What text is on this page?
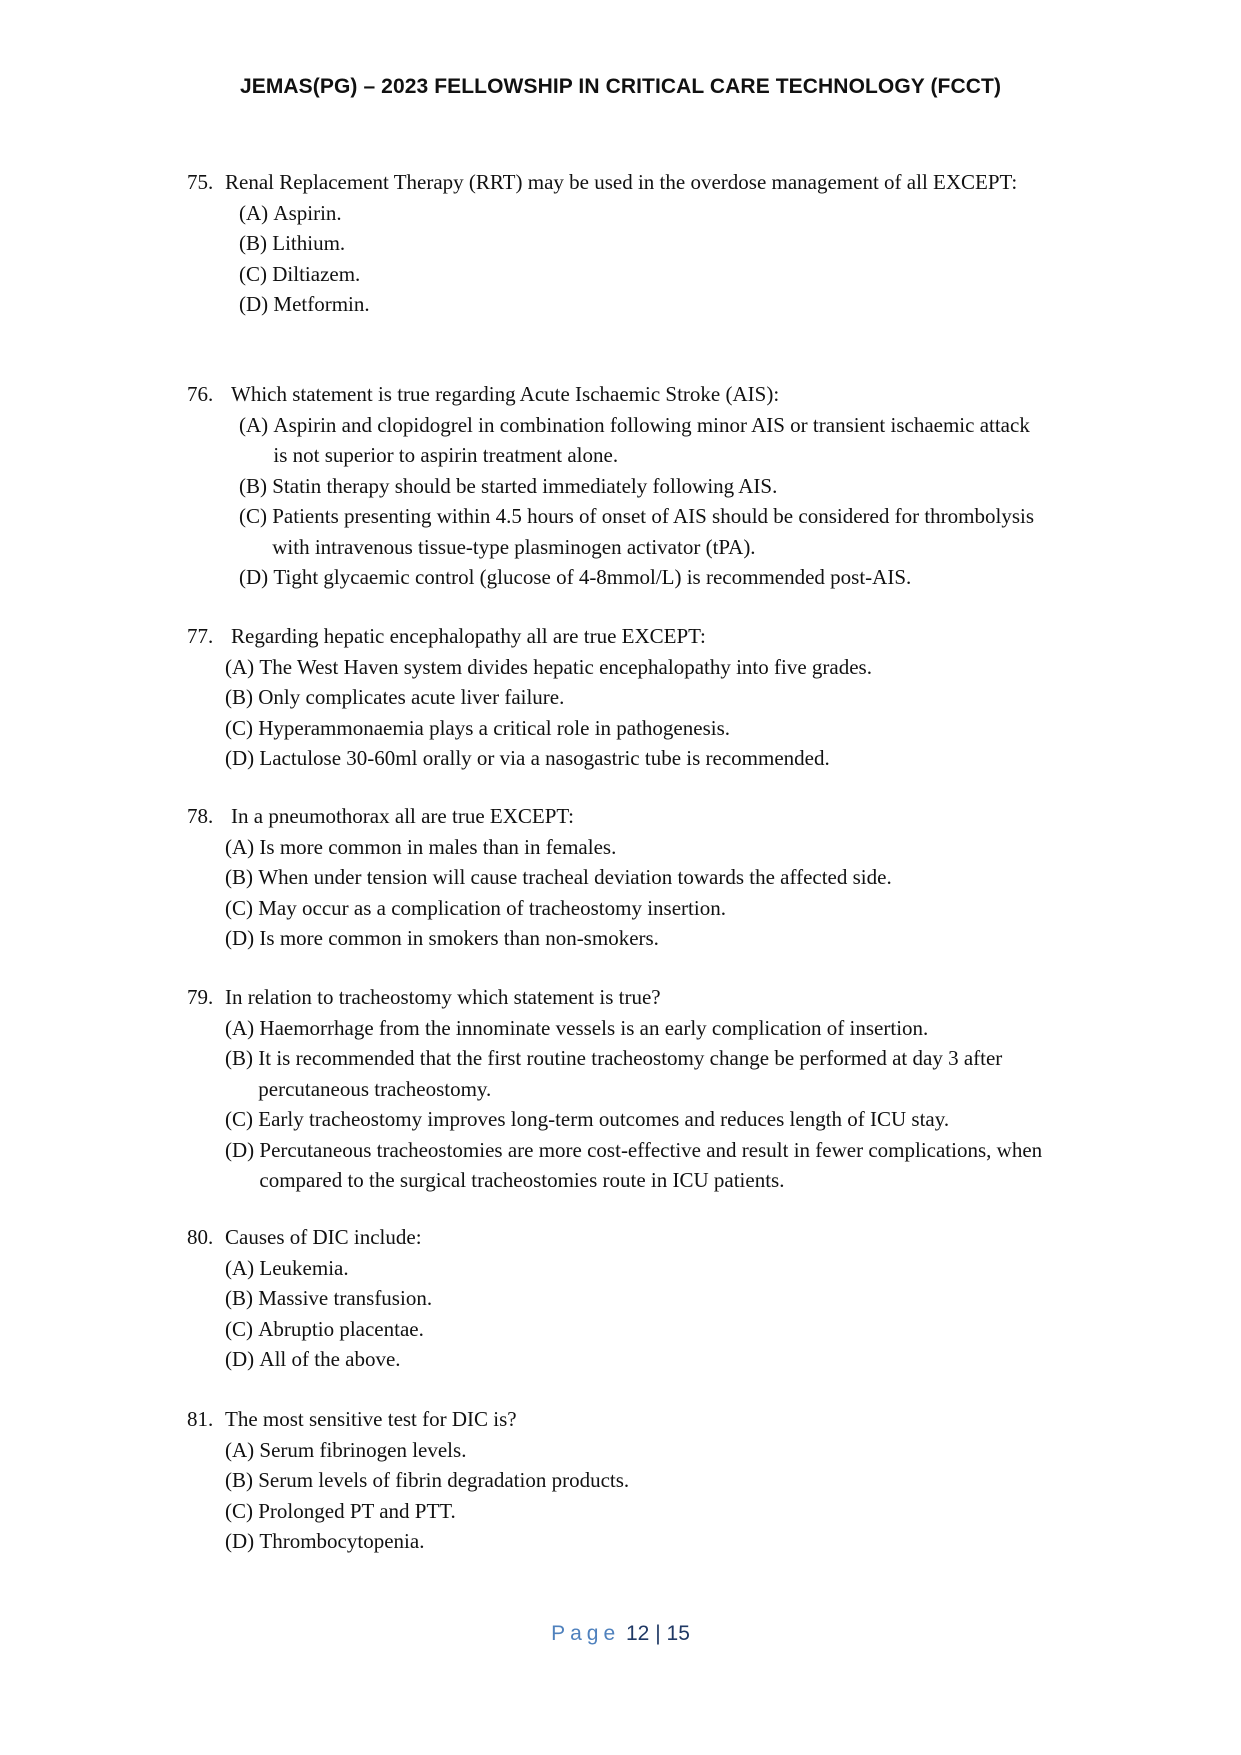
JEMAS(PG) – 2023 FELLOWSHIP IN CRITICAL CARE TECHNOLOGY (FCCT)
75. Renal Replacement Therapy (RRT) may be used in the overdose management of all EXCEPT:
(A)
Aspirin.
(B)
Lithium.
(C)
Diltiazem.
(D)
Metformin.
76. Which statement is true regarding Acute Ischaemic Stroke (AIS):
(A)
Aspirin and clopidogrel in combination following minor AIS or transient ischaemic attack is not superior to aspirin treatment alone.
(B)
Statin therapy should be started immediately following AIS.
(C)
Patients presenting within 4.5 hours of onset of AIS should be considered for thrombolysis with intravenous tissue-type plasminogen activator (tPA).
(D)
Tight glycaemic control (glucose of 4-8mmol/L) is recommended post-AIS.
77. Regarding hepatic encephalopathy all are true EXCEPT:
(A)
The West Haven system divides hepatic encephalopathy into five grades.
(B)
Only complicates acute liver failure.
(C)
Hyperammonaemia plays a critical role in pathogenesis.
(D)
Lactulose 30-60ml orally or via a nasogastric tube is recommended.
78. In a pneumothorax all are true EXCEPT:
(A)
Is more common in males than in females.
(B)
When under tension will cause tracheal deviation towards the affected side.
(C)
May occur as a complication of tracheostomy insertion.
(D)
Is more common in smokers than non-smokers.
79. In relation to tracheostomy which statement is true?
(A)
Haemorrhage from the innominate vessels is an early complication of insertion.
(B)
It is recommended that the first routine tracheostomy change be performed at day 3 after percutaneous tracheostomy.
(C)
Early tracheostomy improves long-term outcomes and reduces length of ICU stay.
(D)
Percutaneous tracheostomies are more cost-effective and result in fewer complications, when compared to the surgical tracheostomies route in ICU patients.
80. Causes of DIC include:
(A)
Leukemia.
(B)
Massive transfusion.
(C)
Abruptio placentae.
(D)
All of the above.
81. The most sensitive test for DIC is?
(A)
Serum fibrinogen levels.
(B)
Serum levels of fibrin degradation products.
(C)
Prolonged PT and PTT.
(D)
Thrombocytopenia.
Page 12 | 15
